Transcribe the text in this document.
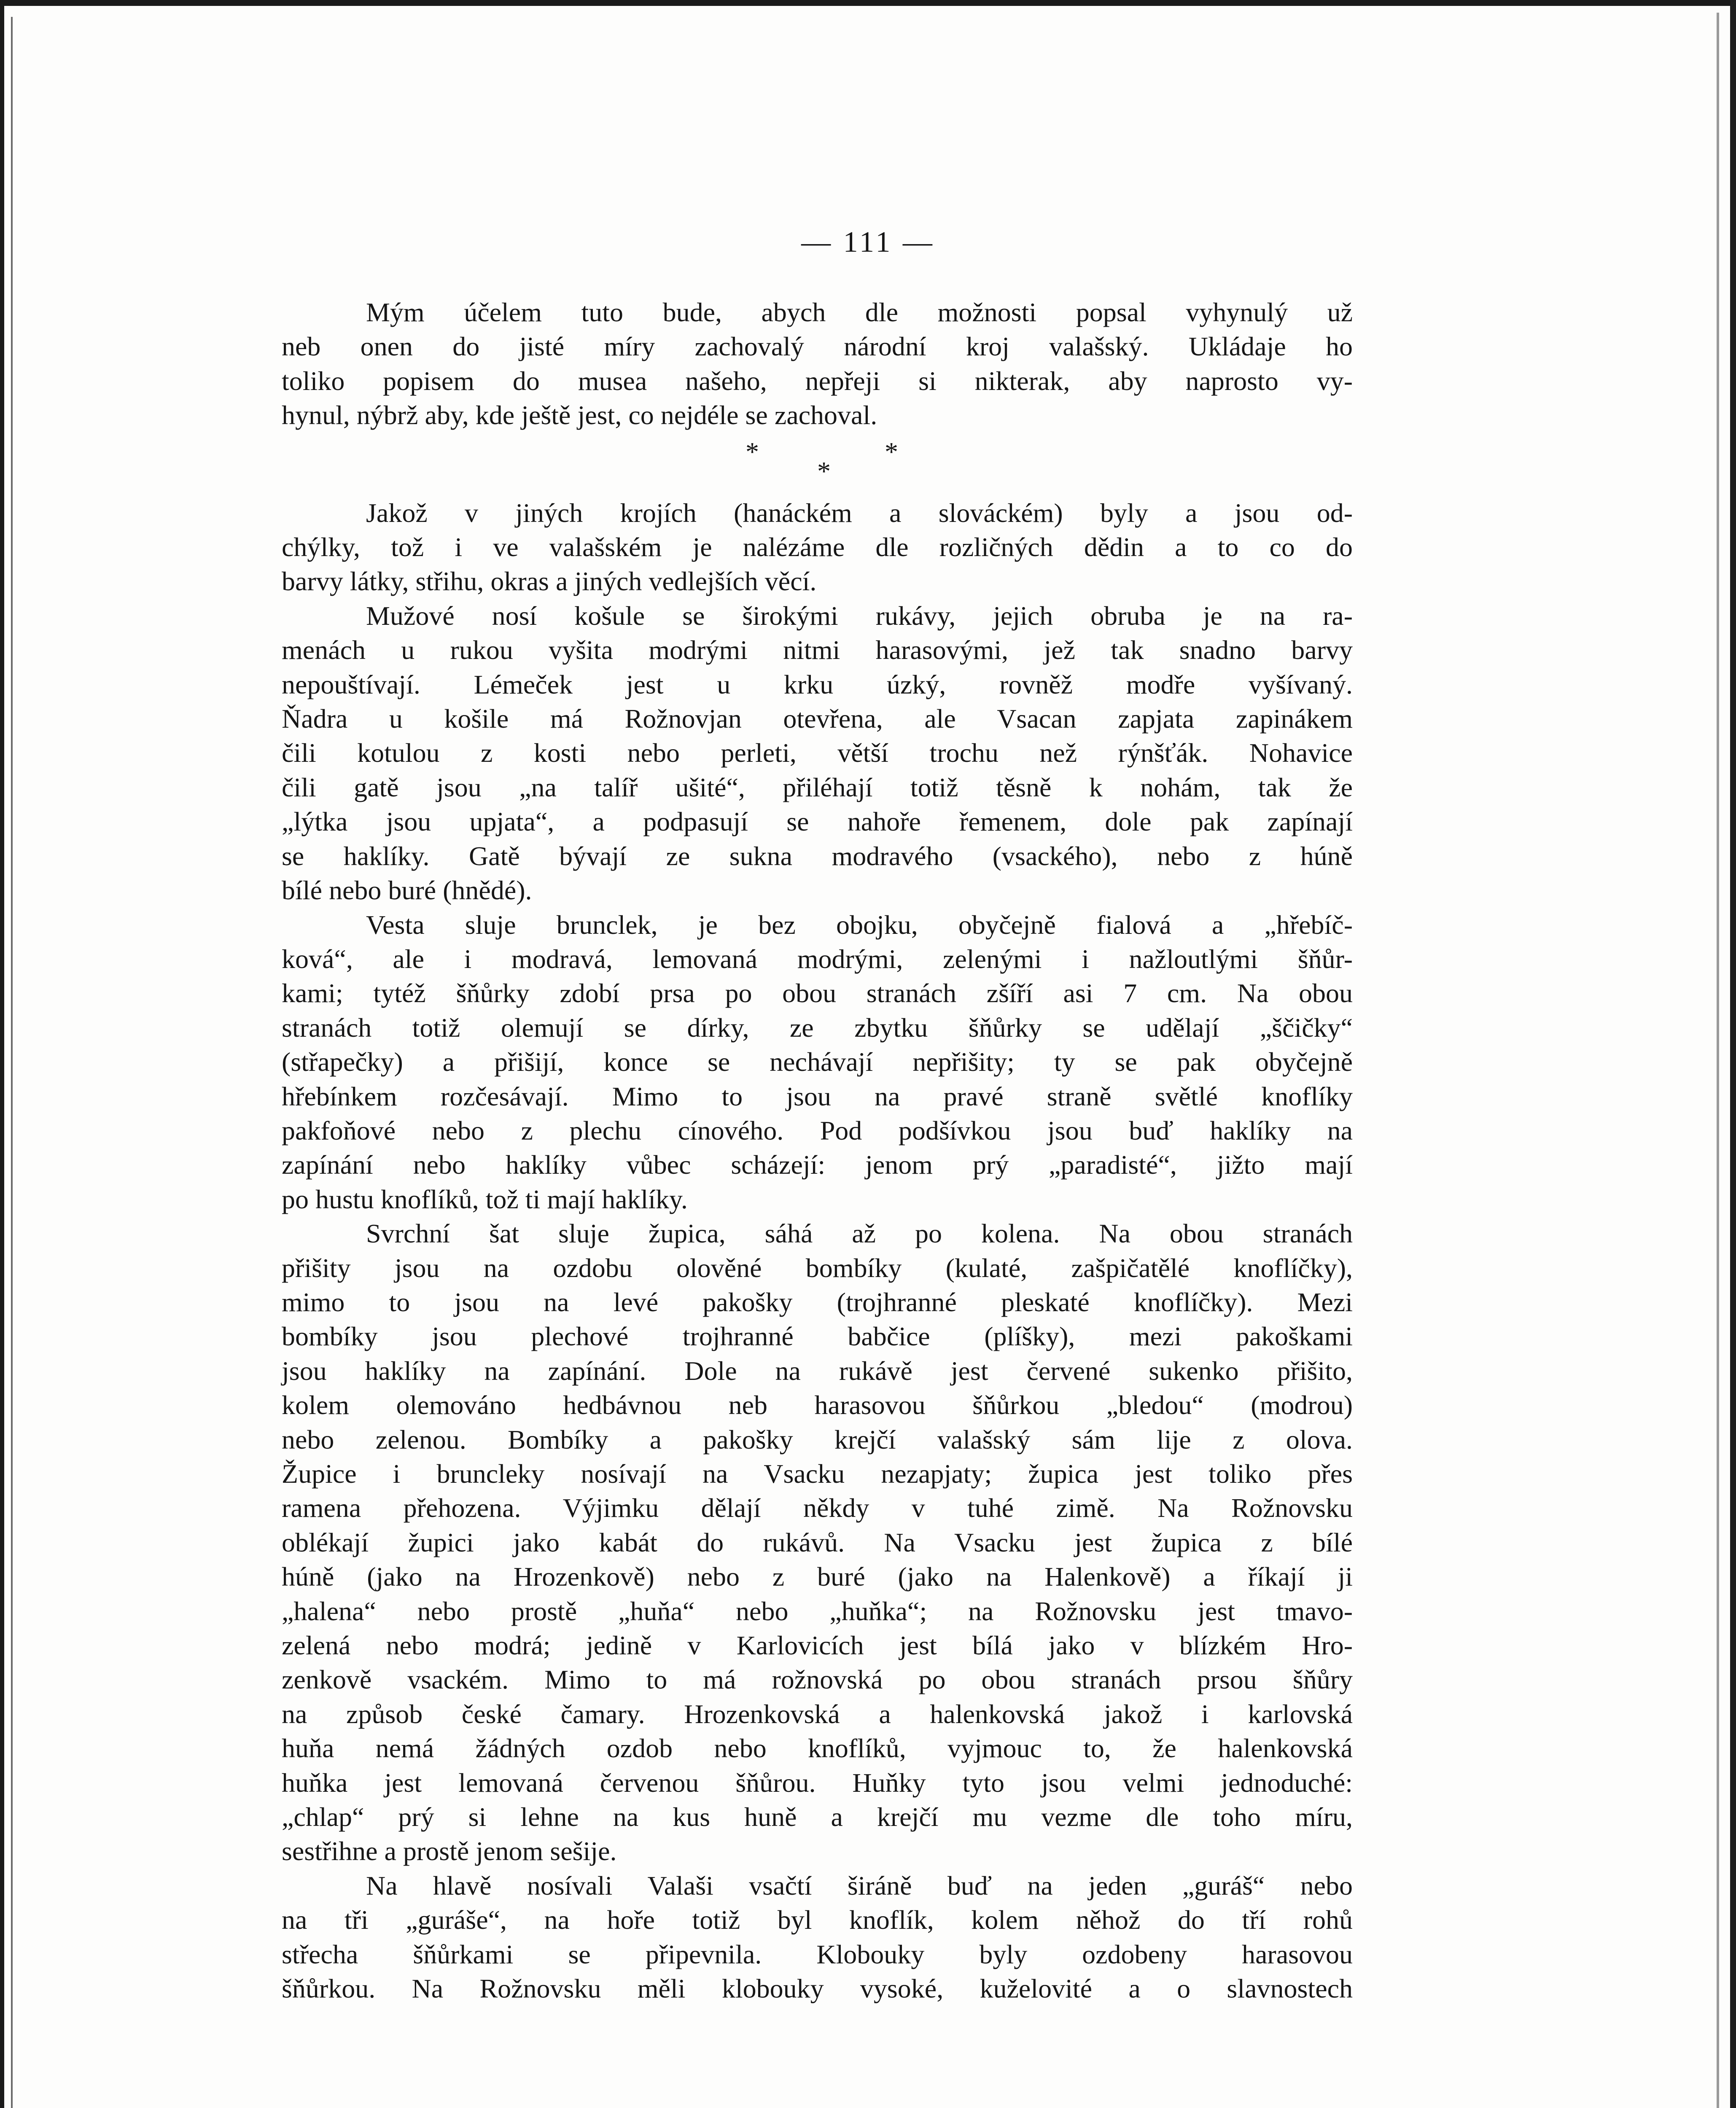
— 111 —
Mým účelem tuto bude, abych dle možnosti popsal vyhynulý už
neb onen do jisté míry zachovalý národní kroj valašský. Ukládaje ho
toliko popisem do musea našeho, nepřeji si nikterak, aby naprosto vy-
hynul, nýbrž aby, kde ještě jest, co nejdéle se zachoval.
*
*
*
Jakož v jiných krojích (hanáckém a slováckém) byly a jsou od-
chýlky, tož i ve valašském je nalézáme dle rozličných dědin a to co do
barvy látky, střihu, okras a jiných vedlejších věcí.
Mužové nosí košule se širokými rukávy, jejich obruba je na ra-
menách u rukou vyšita modrými nitmi harasovými, jež tak snadno barvy
nepouštívají. Lémeček jest u krku úzký, rovněž modře vyšívaný.
Ňadra u košile má Rožnovjan otevřena, ale Vsacan zapjata zapinákem
čili kotulou z kosti nebo perleti, větší trochu než rýnšťák. Nohavice
čili gatě jsou „na talíř ušité“, přiléhají totiž těsně k nohám, tak že
„lýtka jsou upjata“, a podpasují se nahoře řemenem, dole pak zapínají
se haklíky. Gatě bývají ze sukna modravého (vsackého), nebo z húně
bílé nebo buré (hnědé).
Vesta sluje brunclek, je bez obojku, obyčejně fialová a „hřebíč-
ková“, ale i modravá, lemovaná modrými, zelenými i nažloutlými šňůr-
kami; tytéž šňůrky zdobí prsa po obou stranách zšíří asi 7 cm. Na obou
stranách totiž olemují se dírky, ze zbytku šňůrky se udělají „ščičky“
(střapečky) a přišijí, konce se nechávají nepřišity; ty se pak obyčejně
hřebínkem rozčesávají. Mimo to jsou na pravé straně světlé knoflíky
pakfoňové nebo z plechu cínového. Pod podšívkou jsou buď haklíky na
zapínání nebo haklíky vůbec scházejí: jenom prý „paradisté“, jižto mají
po hustu knoflíků, tož ti mají haklíky.
Svrchní šat sluje župica, sáhá až po kolena. Na obou stranách
přišity jsou na ozdobu olověné bombíky (kulaté, zašpičatělé knoflíčky),
mimo to jsou na levé pakošky (trojhranné pleskaté knoflíčky). Mezi
bombíky jsou plechové trojhranné babčice (plíšky), mezi pakoškami
jsou haklíky na zapínání. Dole na rukávě jest červené sukenko přišito,
kolem olemováno hedbávnou neb harasovou šňůrkou „bledou“ (modrou)
nebo zelenou. Bombíky a pakošky krejčí valašský sám lije z olova.
Župice i bruncleky nosívají na Vsacku nezapjaty; župica jest toliko přes
ramena přehozena. Výjimku dělají někdy v tuhé zimě. Na Rožnovsku
oblékají župici jako kabát do rukávů. Na Vsacku jest župica z bílé
húně (jako na Hrozenkově) nebo z buré (jako na Halenkově) a říkají ji
„halena“ nebo prostě „huňa“ nebo „huňka“; na Rožnovsku jest tmavo-
zelená nebo modrá; jedině v Karlovicích jest bílá jako v blízkém Hro-
zenkově vsackém. Mimo to má rožnovská po obou stranách prsou šňůry
na způsob české čamary. Hrozenkovská a halenkovská jakož i karlovská
huňa nemá žádných ozdob nebo knoflíků, vyjmouc to, že halenkovská
huňka jest lemovaná červenou šňůrou. Huňky tyto jsou velmi jednoduché:
„chlap“ prý si lehne na kus huně a krejčí mu vezme dle toho míru,
sestřihne a prostě jenom sešije.
Na hlavě nosívali Valaši vsačtí širáně buď na jeden „guráš“ nebo
na tři „guráše“, na hoře totiž byl knoflík, kolem něhož do tří rohů
střecha šňůrkami se připevnila. Klobouky byly ozdobeny harasovou
šňůrkou. Na Rožnovsku měli klobouky vysoké, kuželovité a o slavnostech
